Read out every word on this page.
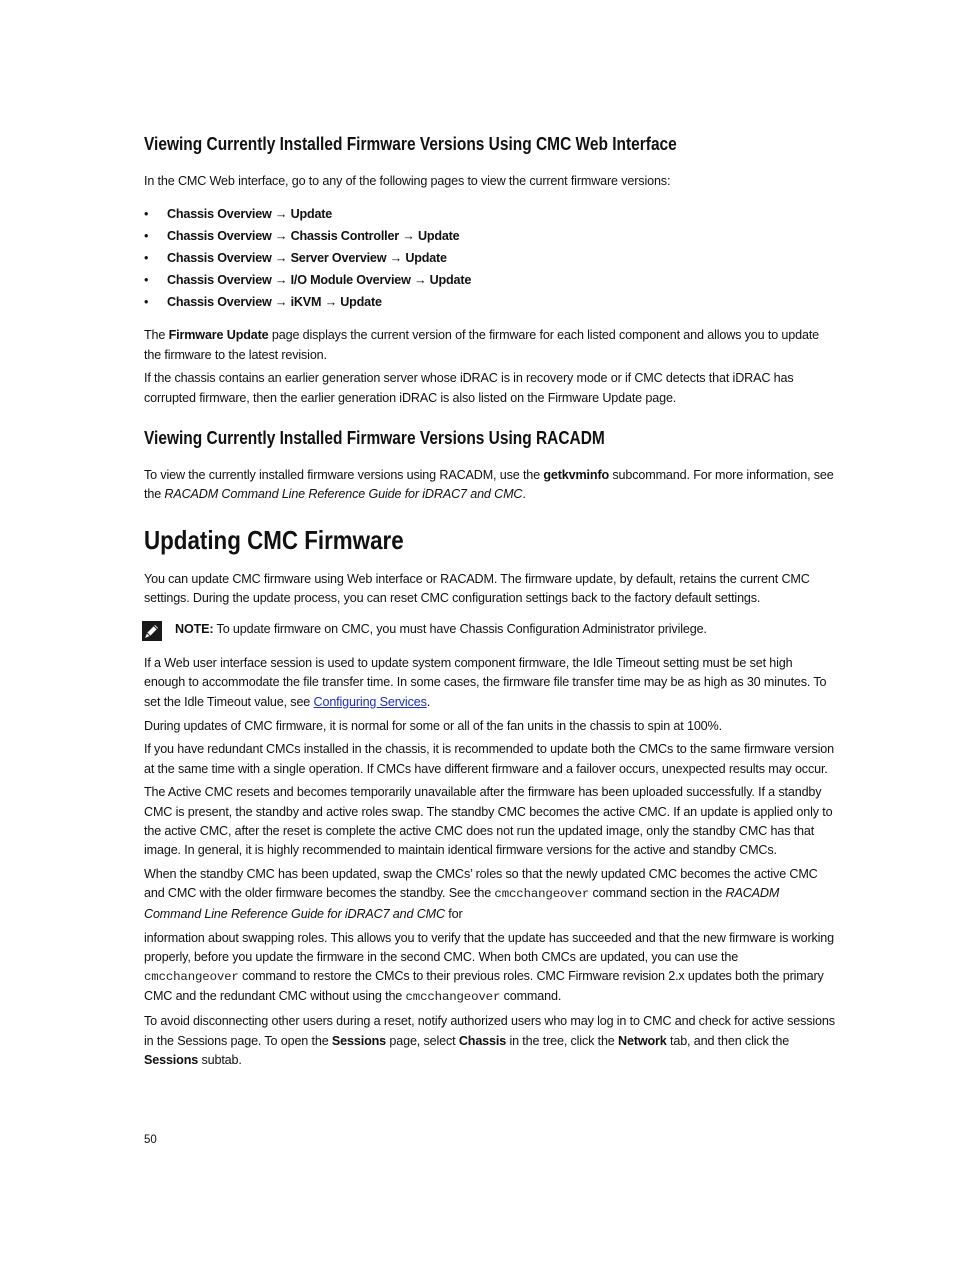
Viewing Currently Installed Firmware Versions Using CMC Web Interface

In the CMC Web interface, go to any of the following pages to view the current firmware versions:

• Chassis Overview → Update
• Chassis Overview → Chassis Controller → Update
• Chassis Overview → Server Overview → Update
• Chassis Overview → I/O Module Overview → Update
• Chassis Overview → iKVM → Update

The Firmware Update page displays the current version of the firmware for each listed component and allows you to update the firmware to the latest revision.

If the chassis contains an earlier generation server whose iDRAC is in recovery mode or if CMC detects that iDRAC has corrupted firmware, then the earlier generation iDRAC is also listed on the Firmware Update page.

Viewing Currently Installed Firmware Versions Using RACADM

To view the currently installed firmware versions using RACADM, use the getkvminfo subcommand. For more information, see the RACADM Command Line Reference Guide for iDRAC7 and CMC.

Updating CMC Firmware

You can update CMC firmware using Web interface or RACADM. The firmware update, by default, retains the current CMC settings. During the update process, you can reset CMC configuration settings back to the factory default settings.

NOTE: To update firmware on CMC, you must have Chassis Configuration Administrator privilege.

If a Web user interface session is used to update system component firmware, the Idle Timeout setting must be set high enough to accommodate the file transfer time. In some cases, the firmware file transfer time may be as high as 30 minutes. To set the Idle Timeout value, see Configuring Services.

During updates of CMC firmware, it is normal for some or all of the fan units in the chassis to spin at 100%.

If you have redundant CMCs installed in the chassis, it is recommended to update both the CMCs to the same firmware version at the same time with a single operation. If CMCs have different firmware and a failover occurs, unexpected results may occur.

The Active CMC resets and becomes temporarily unavailable after the firmware has been uploaded successfully. If a standby CMC is present, the standby and active roles swap. The standby CMC becomes the active CMC. If an update is applied only to the active CMC, after the reset is complete the active CMC does not run the updated image, only the standby CMC has that image. In general, it is highly recommended to maintain identical firmware versions for the active and standby CMCs.

When the standby CMC has been updated, swap the CMCs’ roles so that the newly updated CMC becomes the active CMC and CMC with the older firmware becomes the standby. See the cmcchangeover command section in the RACADM Command Line Reference Guide for iDRAC7 and CMC for

information about swapping roles. This allows you to verify that the update has succeeded and that the new firmware is working properly, before you update the firmware in the second CMC. When both CMCs are updated, you can use the cmcchangeover command to restore the CMCs to their previous roles. CMC Firmware revision 2.x updates both the primary CMC and the redundant CMC without using the cmcchangeover command.

To avoid disconnecting other users during a reset, notify authorized users who may log in to CMC and check for active sessions in the Sessions page. To open the Sessions page, select Chassis in the tree, click the Network tab, and then click the Sessions subtab.

50
